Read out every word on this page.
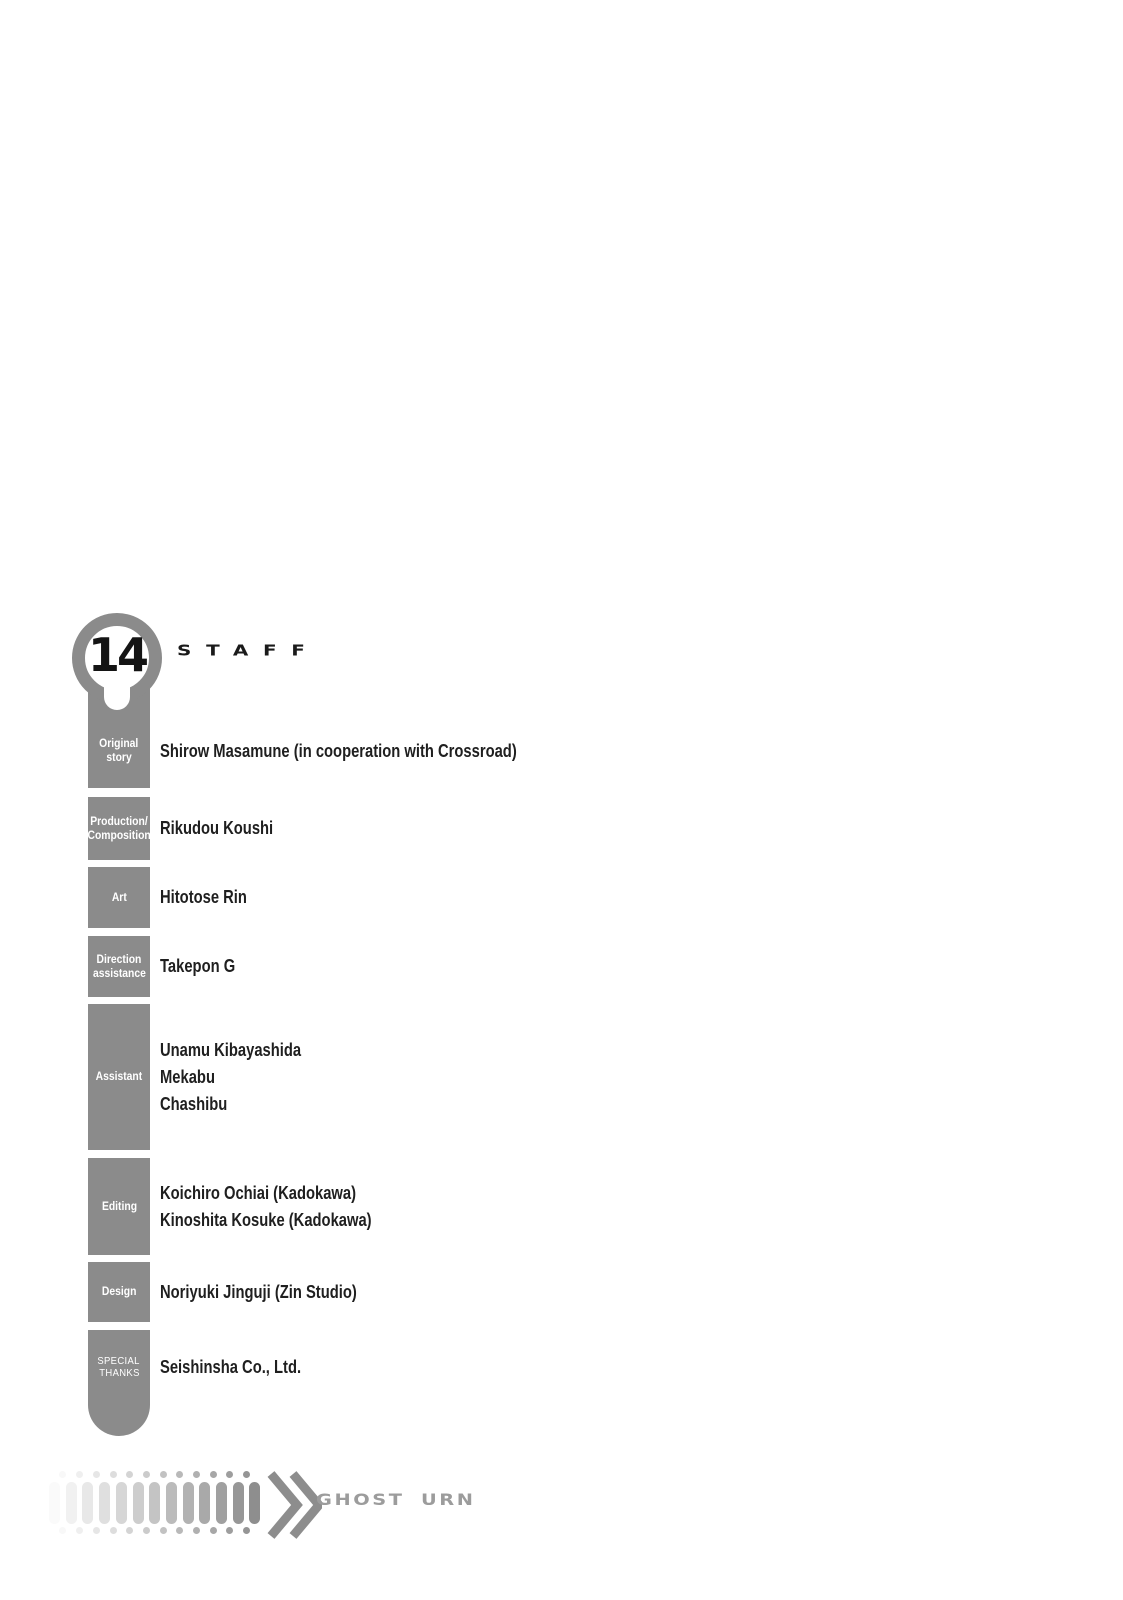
14	STAFF
Original
story Shirow Masamune (in cooperation with Crossroad)
Production/
Composition Rikudou Koushi
Art Hitotose Rin
Direction
assistance Takepon G
Assistant
Unamu Kibayashida
Mekabu
Chashibu
Editing
Koichiro Ochiai (Kadokawa)
Kinoshita Kosuke (Kadokawa)
Design Noriyuki Jinguji (Zin Studio)
SPECIAL
THANKS Seishinsha Co., Ltd.
GHOST URN
